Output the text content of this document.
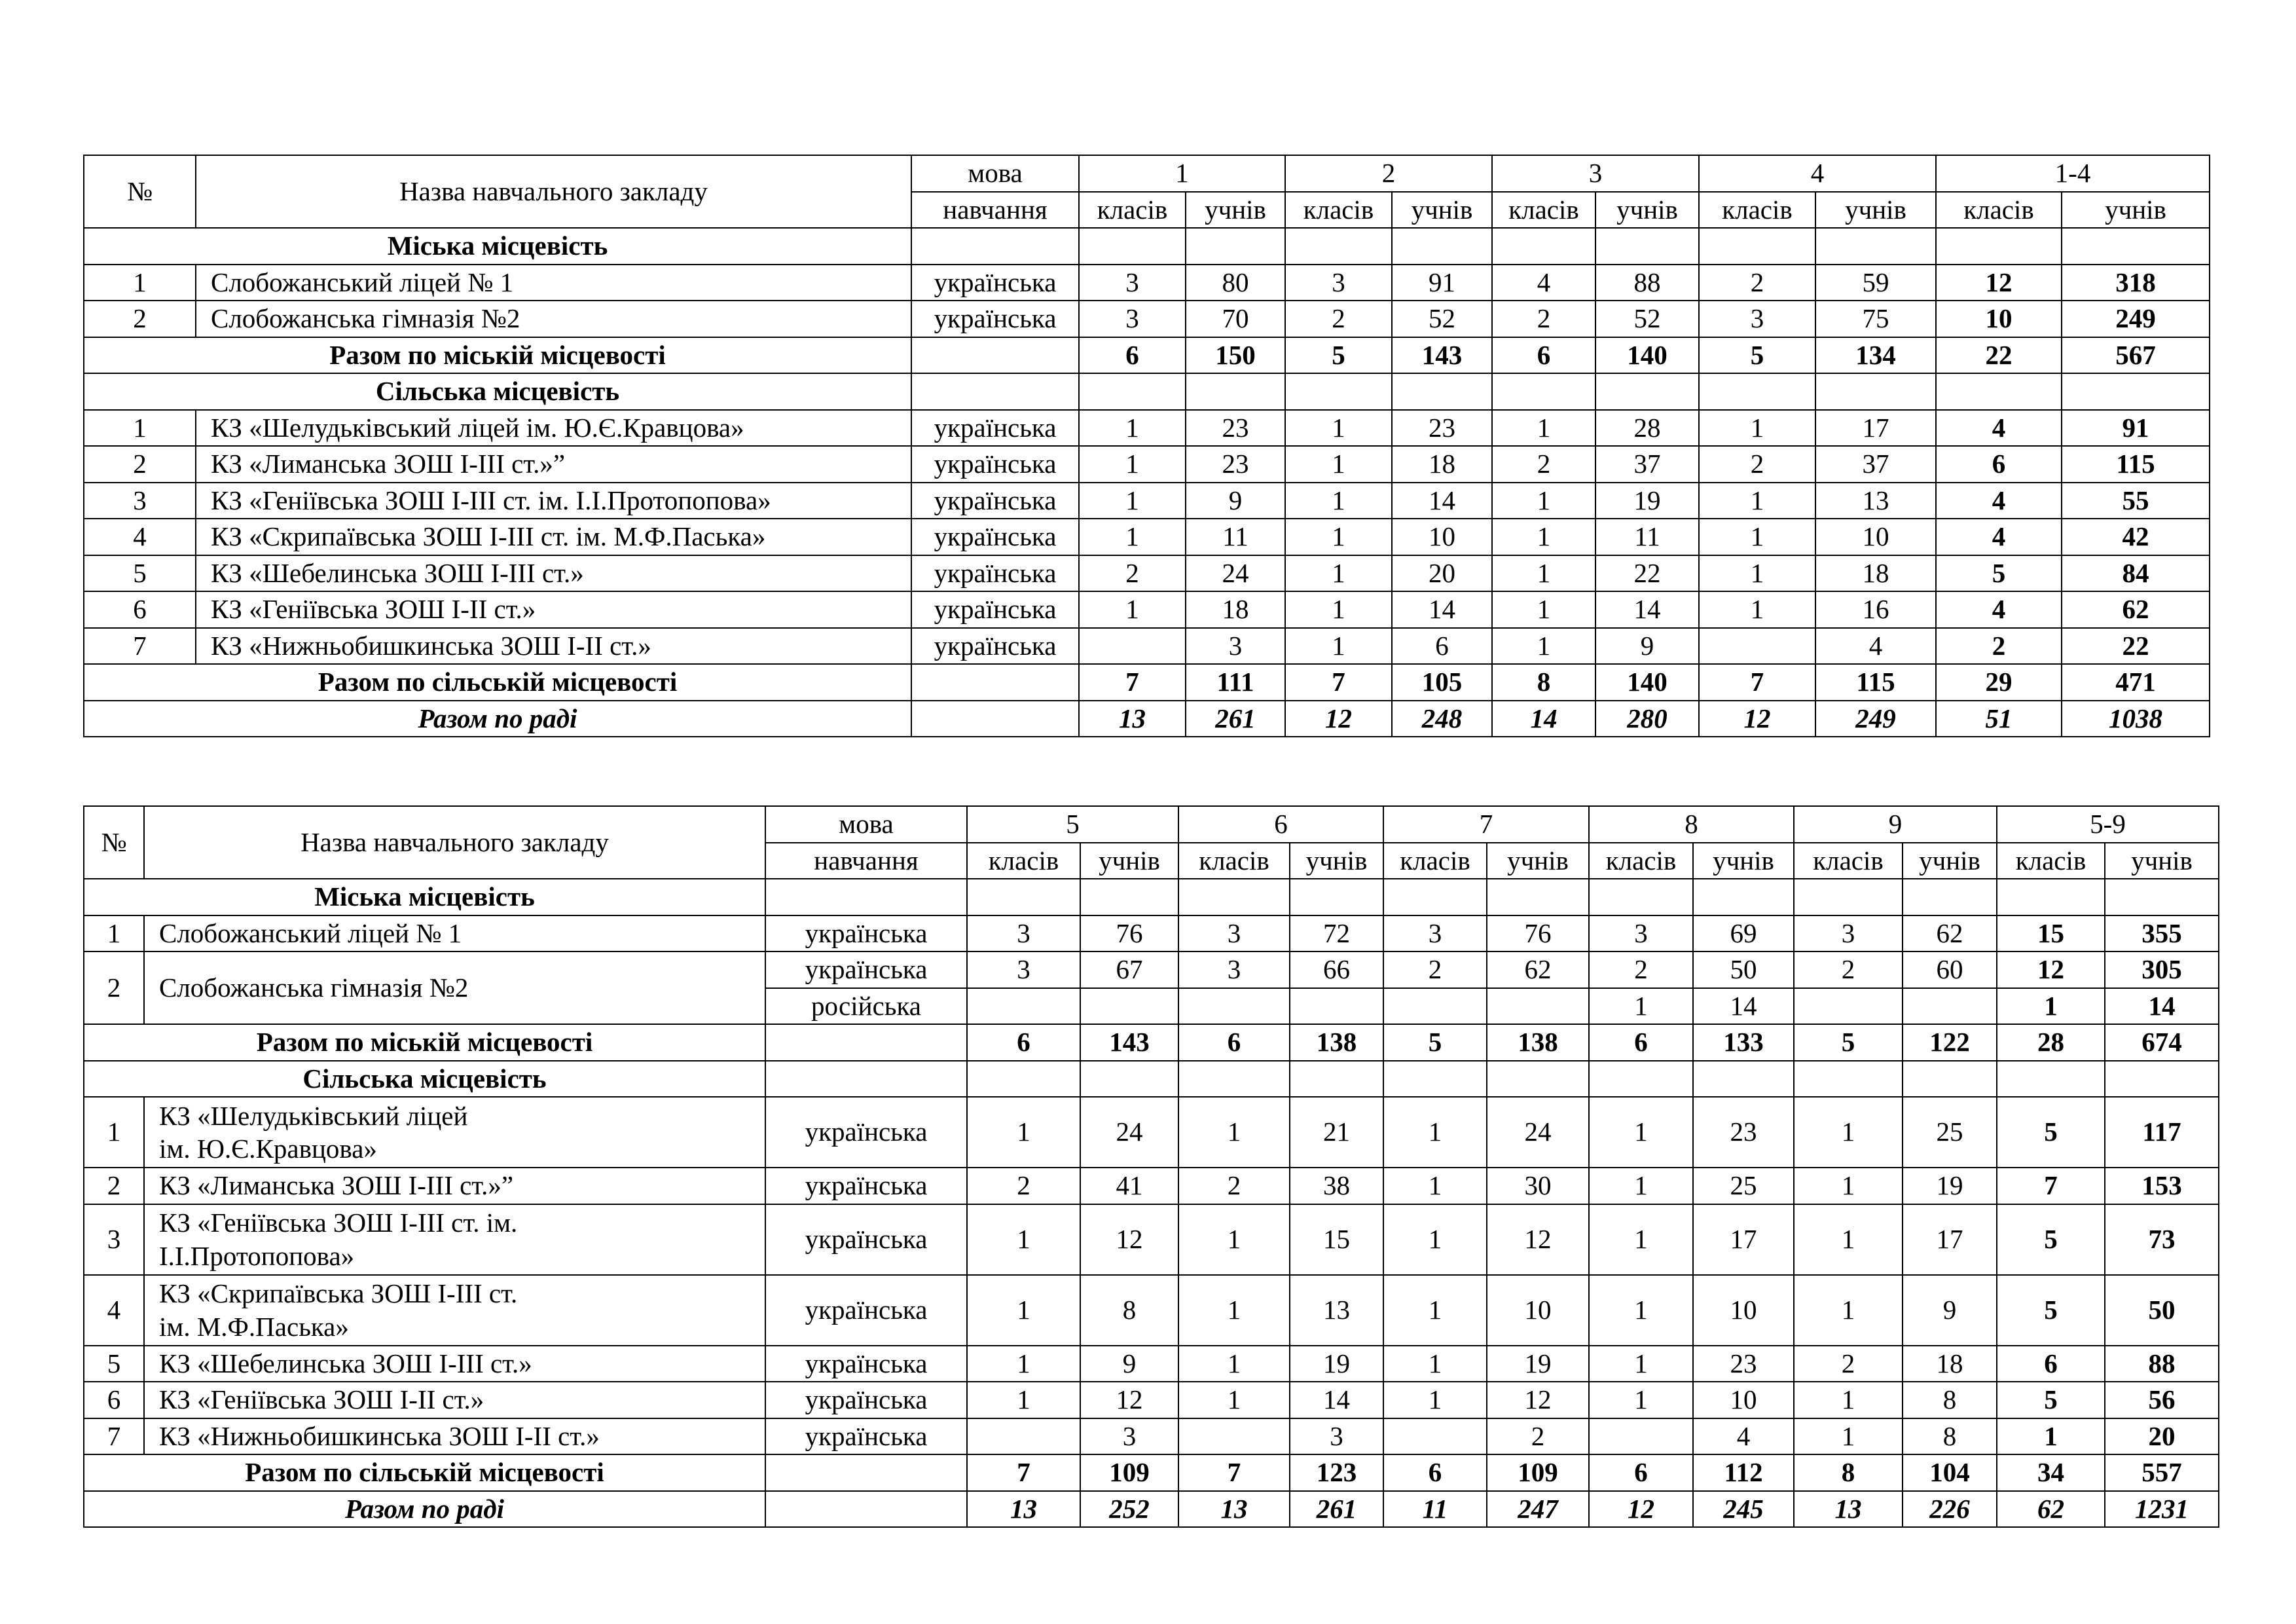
№	Назва навчального закладу	мова	1		2		3		4		1-4	
		навчання	класів	учнів	класів	учнів	класів	учнів	класів	учнів	класів	учнів
Міська місцевість												
1	Слобожанський ліцей № 1	українська	3	80	3	91	4	88	2	59	12	318
2	Слобожанська гімназія №2	українська	3	70	2	52	2	52	3	75	10	249
Разом по міській місцевості			6	150	5	143	6	140	5	134	22	567
Сільська місцевість												
1	КЗ «Шелудьківський ліцей ім. Ю.Є.Кравцова»	українська	1	23	1	23	1	28	1	17	4	91
2	КЗ «Лиманська ЗОШ І-ІІІ ст.»”	українська	1	23	1	18	2	37	2	37	6	115
3	КЗ «Геніївська ЗОШ І-ІІІ ст. ім. І.І.Протопопова»	українська	1	9	1	14	1	19	1	13	4	55
4	КЗ «Скрипаївська ЗОШ І-ІІІ ст. ім. М.Ф.Паська»	українська	1	11	1	10	1	11	1	10	4	42
5	КЗ «Шебелинська ЗОШ І-ІІІ ст.»	українська	2	24	1	20	1	22	1	18	5	84
6	КЗ «Геніївська ЗОШ І-ІІ ст.»	українська	1	18	1	14	1	14	1	16	4	62
7	КЗ «Нижньобишкинська ЗОШ І-ІІ ст.»	українська		3	1	6	1	9		4	2	22
Разом по сільській місцевості			7	111	7	105	8	140	7	115	29	471
Разом по раді			13	261	12	248	14	280	12	249	51	1038
№	Назва навчального закладу	мова	5		6		7		8		9		5-9	
		навчання	класів	учнів	класів	учнів	класів	учнів	класів	учнів	класів	учнів	класів	учнів
Міська місцевість														
1	Слобожанський ліцей № 1	українська	3	76	3	72	3	76	3	69	3	62	15	355
2	Слобожанська гімназія №2	українська	3	67	3	66	2	62	2	50	2	60	12	305
		російська							1	14			1	14
Разом по міській місцевості			6	143	6	138	5	138	6	133	5	122	28	674
Сільська місцевість														
1	КЗ «Шелудьківський ліцей
ім. Ю.Є.Кравцова»	українська	1	24	1	21	1	24	1	23	1	25	5	117
2	КЗ «Лиманська ЗОШ І-ІІІ ст.»”	українська	2	41	2	38	1	30	1	25	1	19	7	153
3	КЗ «Геніївська ЗОШ І-ІІІ ст. ім.
І.І.Протопопова»	українська	1	12	1	15	1	12	1	17	1	17	5	73
4	КЗ «Скрипаївська ЗОШ І-ІІІ ст.
ім. М.Ф.Паська»	українська	1	8	1	13	1	10	1	10	1	9	5	50
5	КЗ «Шебелинська ЗОШ І-ІІІ ст.»	українська	1	9	1	19	1	19	1	23	2	18	6	88
6	КЗ «Геніївська ЗОШ І-ІІ ст.»	українська	1	12	1	14	1	12	1	10	1	8	5	56
7	КЗ «Нижньобишкинська ЗОШ І-ІІ ст.»	українська		3		3		2		4	1	8	1	20
Разом по сільській місцевості			7	109	7	123	6	109	6	112	8	104	34	557
Разом по раді			13	252	13	261	11	247	12	245	13	226	62	1231
